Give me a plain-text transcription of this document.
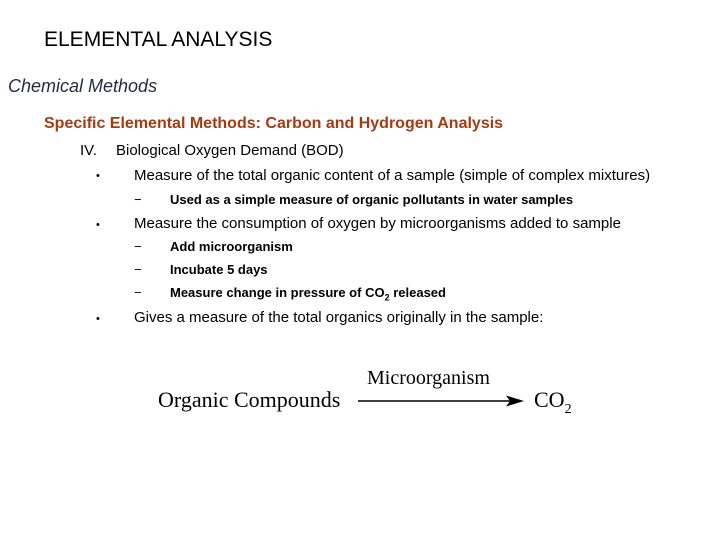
ELEMENTAL ANALYSIS
Chemical Methods
Specific Elemental Methods: Carbon and Hydrogen Analysis
IV. Biological Oxygen Demand (BOD)
• Measure of the total organic content of a sample (simple of complex mixtures)
− Used as a simple measure of organic pollutants in water samples
• Measure the consumption of oxygen by microorganisms added to sample
− Add microorganism
− Incubate 5 days
− Measure change in pressure of $CO_2$ released
• Gives a measure of the total organics originally in the sample:
Organic Compounds
Microorganism
$CO_2$
